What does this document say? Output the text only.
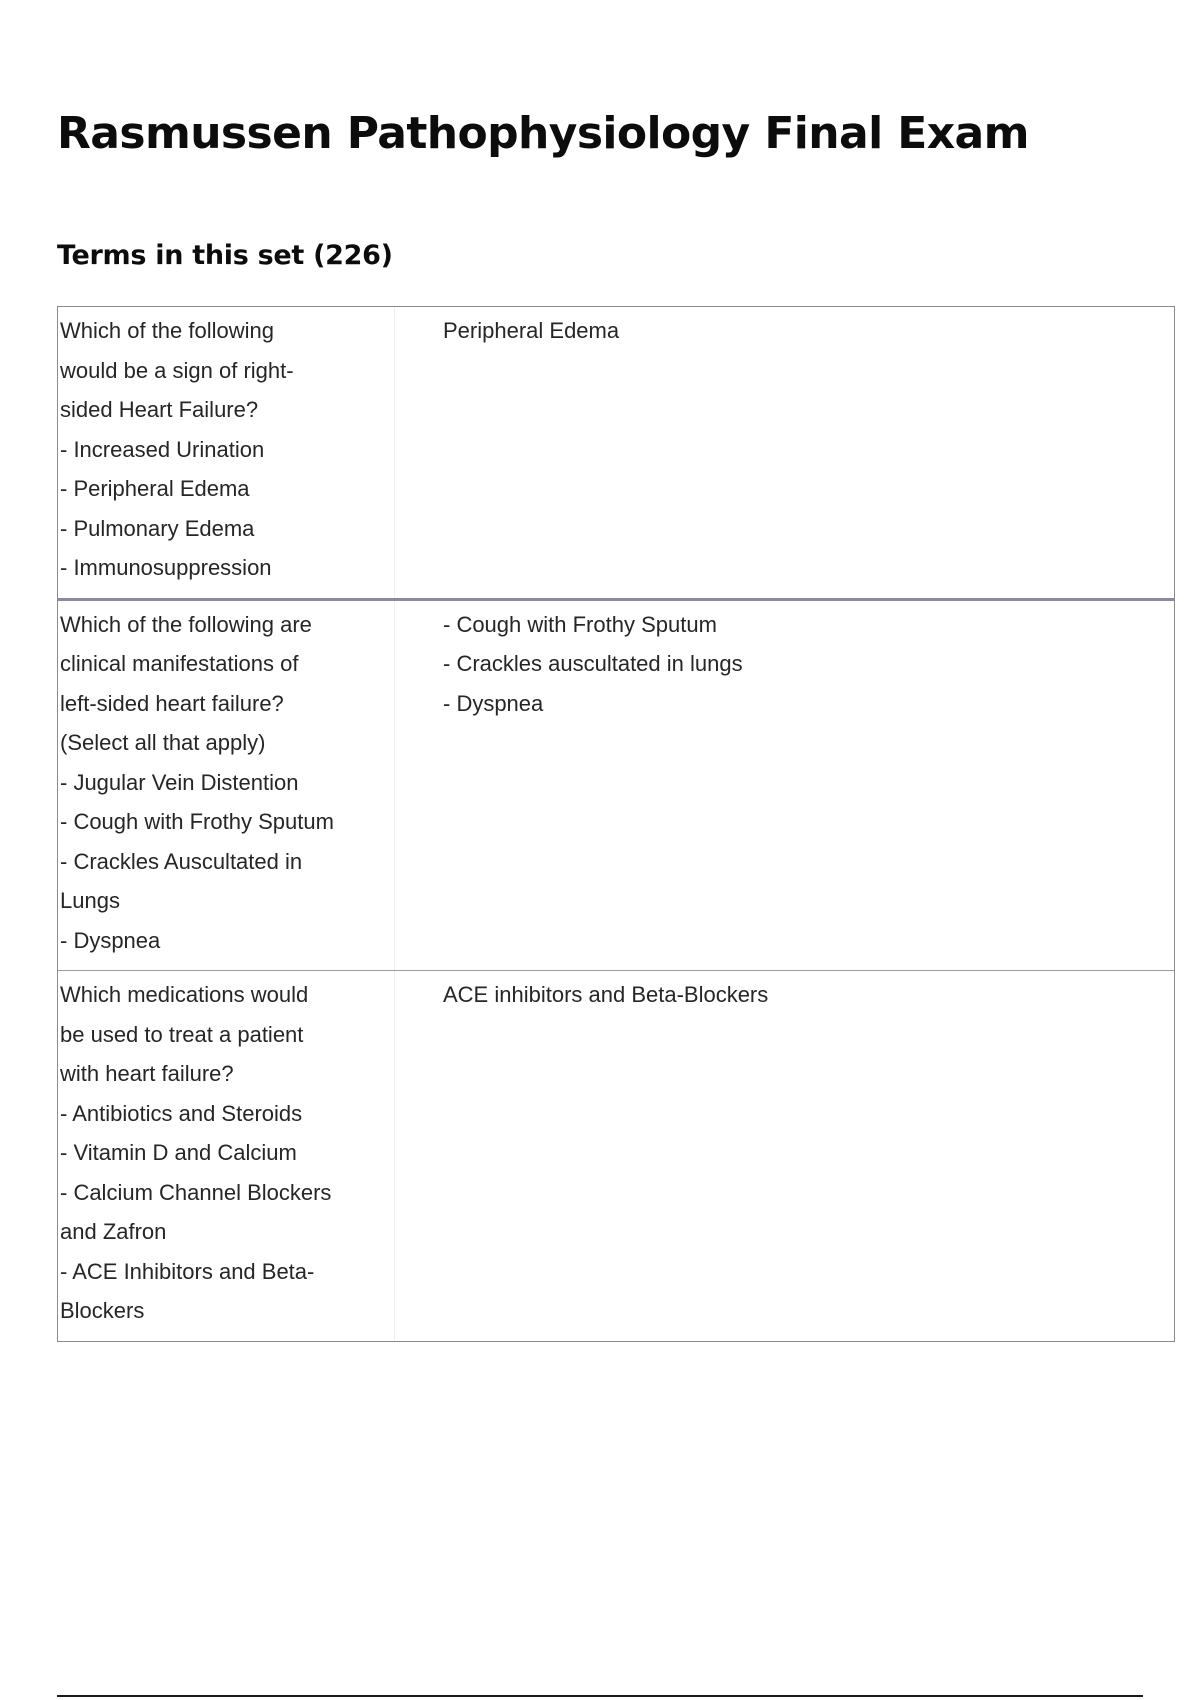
Rasmussen Pathophysiology Final Exam
Terms in this set (226)
Which of the following
would be a sign of right-
sided Heart Failure?
- Increased Urination
- Peripheral Edema
- Pulmonary Edema
- Immunosuppression
Peripheral Edema
Which of the following are
clinical manifestations of
left-sided heart failure?
(Select all that apply)
- Jugular Vein Distention
- Cough with Frothy Sputum
- Crackles Auscultated in
Lungs
- Dyspnea
- Cough with Frothy Sputum
- Crackles auscultated in lungs
- Dyspnea
Which medications would
be used to treat a patient
with heart failure?
- Antibiotics and Steroids
- Vitamin D and Calcium
- Calcium Channel Blockers
and Zafron
- ACE Inhibitors and Beta-
Blockers
ACE inhibitors and Beta-Blockers
